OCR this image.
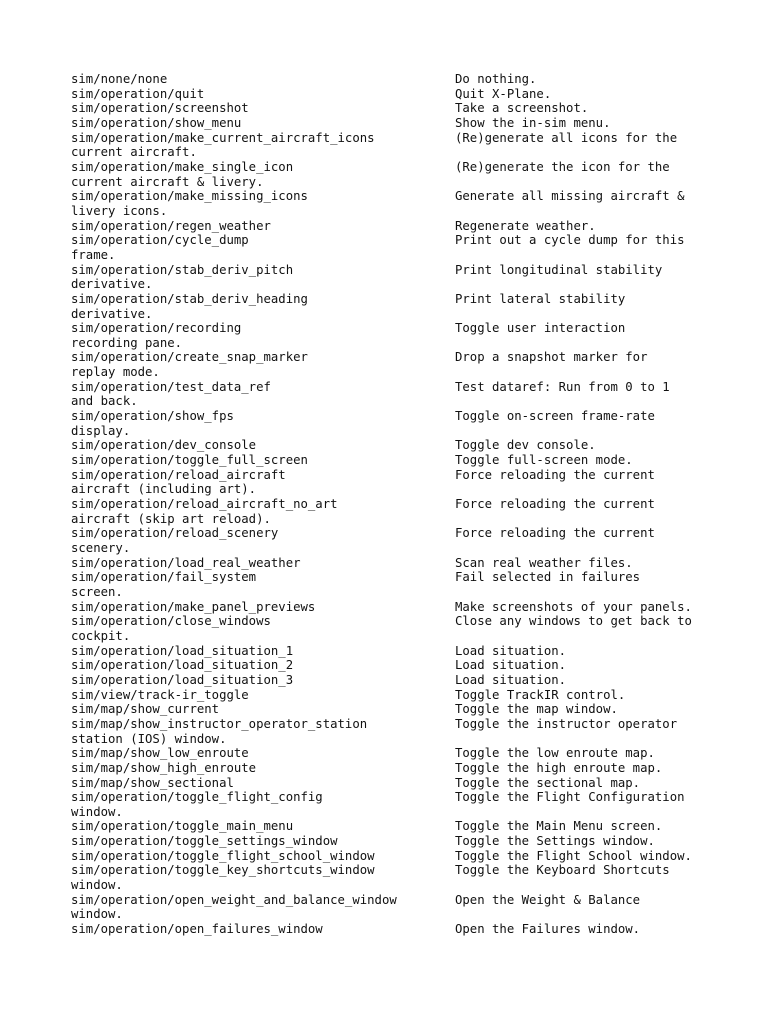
sim/none/none	Do nothing.
sim/operation/quit	Quit X-Plane.
sim/operation/screenshot	Take a screenshot.
sim/operation/show_menu	Show the in-sim menu.
sim/operation/make_current_aircraft_icons	(Re)generate all icons for the
current aircraft.
sim/operation/make_single_icon	(Re)generate the icon for the
current aircraft & livery.
sim/operation/make_missing_icons	Generate all missing aircraft &
livery icons.
sim/operation/regen_weather	Regenerate weather.
sim/operation/cycle_dump	Print out a cycle dump for this
frame.
sim/operation/stab_deriv_pitch	Print longitudinal stability
derivative.
sim/operation/stab_deriv_heading	Print lateral stability
derivative.
sim/operation/recording	Toggle user interaction
recording pane.
sim/operation/create_snap_marker	Drop a snapshot marker for
replay mode.
sim/operation/test_data_ref	Test dataref: Run from 0 to 1
and back.
sim/operation/show_fps	Toggle on-screen frame-rate
display.
sim/operation/dev_console	Toggle dev console.
sim/operation/toggle_full_screen	Toggle full-screen mode.
sim/operation/reload_aircraft	Force reloading the current
aircraft (including art).
sim/operation/reload_aircraft_no_art	Force reloading the current
aircraft (skip art reload).
sim/operation/reload_scenery	Force reloading the current
scenery.
sim/operation/load_real_weather	Scan real weather files.
sim/operation/fail_system	Fail selected in failures
screen.
sim/operation/make_panel_previews	Make screenshots of your panels.
sim/operation/close_windows	Close any windows to get back to
cockpit.
sim/operation/load_situation_1	Load situation.
sim/operation/load_situation_2	Load situation.
sim/operation/load_situation_3	Load situation.
sim/view/track-ir_toggle	Toggle TrackIR control.
sim/map/show_current	Toggle the map window.
sim/map/show_instructor_operator_station	Toggle the instructor operator
station (IOS) window.
sim/map/show_low_enroute	Toggle the low enroute map.
sim/map/show_high_enroute	Toggle the high enroute map.
sim/map/show_sectional	Toggle the sectional map.
sim/operation/toggle_flight_config	Toggle the Flight Configuration
window.
sim/operation/toggle_main_menu	Toggle the Main Menu screen.
sim/operation/toggle_settings_window	Toggle the Settings window.
sim/operation/toggle_flight_school_window	Toggle the Flight School window.
sim/operation/toggle_key_shortcuts_window	Toggle the Keyboard Shortcuts
window.
sim/operation/open_weight_and_balance_window	Open the Weight & Balance
window.
sim/operation/open_failures_window	Open the Failures window.
